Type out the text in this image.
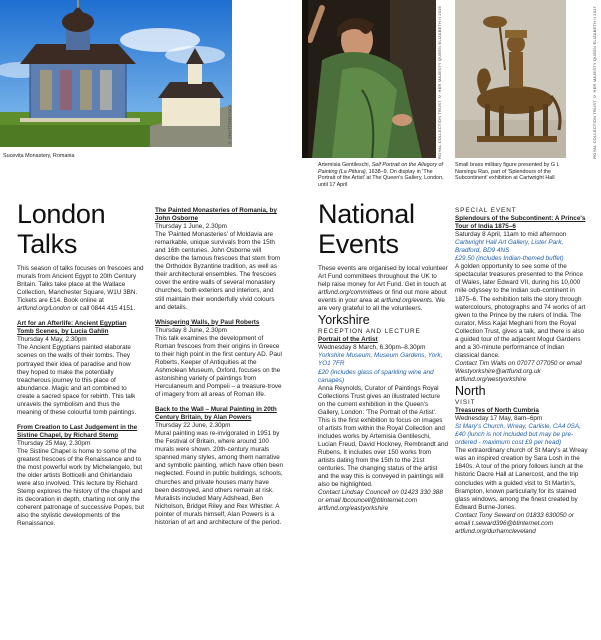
© SHUTTERSTOCK
Sucevița Monastery, Romania	ROYAL COLLECTION TRUST © HER MAJESTY QUEEN ELIZABETH II 2016
Artemisia Gentileschi, Self Portrait on the Allegory of Painting (La Pittura), 1638–9. On display in 'The Portrait of the Artist' at The Queen's Gallery, London, until 17 April
ROYAL COLLECTION TRUST © HER MAJESTY QUEEN ELIZABETH II 2017
Small brass military figure presented by G L Narsingu Rao, part of 'Splendours of the Subcontinent' exhibition at Cartwright Hall
London Talks
This season of talks focuses on frescoes and murals from Ancient Egypt to 20th Century Britain. Talks take place at the Wallace Collection, Manchester Square, W1U 3BN. Tickets are £14. Book online at artfund.org/London or call 0844 415 4151.

Art for an Afterlife: Ancient Egyptian Tomb Scenes, by Lucia Gahlin

Thursday 4 May, 2.30pm

The Ancient Egyptians painted elaborate scenes on the walls of their tombs. They portrayed their idea of paradise and how they hoped to make the potentially treacherous journey to this place of abundance. Magic and art combined to create a sacred space for rebirth. This talk unravels the symbolism and thus the meaning of these colourful tomb paintings.

From Creation to Last Judgement in the Sistine Chapel, by Richard Stemp

Thursday 25 May, 2.30pm

The Sistine Chapel is home to some of the greatest frescoes of the Renaissance and to the most powerful work by Michelangelo, but the older artists Botticelli and Ghirlandaio were also involved. This lecture by Richard Stemp explores the history of the chapel and its decoration in depth, charting not only the coherent patronage of successive Popes, but also the stylistic developments of the Renaissance.

The Painted Monasteries of Romania, by John Osborne

Thursday 1 June, 2.30pm

The 'Painted Monasteries' of Moldavia are remarkable, unique survivals from the 15th and 16th centuries. John Osborne will describe the famous frescoes that stem from the Orthodox Byzantine tradition, as well as their architectural ensembles. The frescoes cover the entire walls of several monastery churches, both exteriors and interiors, and still maintain their wonderfully vivid colours and details.

Whispering Walls, by Paul Roberts

Thursday 8 June, 2.30pm

This talk examines the development of Roman frescoes from their origins in Greece to their high point in the first century AD. Paul Roberts, Keeper of Antiquities at the Ashmolean Museum, Oxford, focuses on the astonishing variety of paintings from Herculaneum and Pompeii – a treasure-trove of imagery from all areas of Roman life.

Back to the Wall – Mural Painting in 20th Century Britain, by Alan Powers

Thursday 22 June, 2.30pm

Mural painting was re-invigorated in 1951 by the Festival of Britain, where around 100 murals were shown. 20th-century murals spanned many styles, among them narrative and symbolic painting, which have often been neglected. Found in public buildings, schools, churches and private houses many have been destroyed, and others remain at risk. Muralists included Mary Adshead, Ben Nicholson, Bridget Riley and Rex Whistler. A pointer of murals himself, Alan Powers is a historian of art and architecture of the period.

National Events
These events are organised by local volunteer Art Fund committees throughout the UK to help raise money for Art Fund. Get in touch at artfund.org/committees or find out more about events in your area at artfund.org/events. We are very grateful to all the volunteers.

Yorkshire

RECEPTION AND LECTURE

Portrait of the Artist

Wednesday 8 March, 6.30pm–8.30pm

Yorkshire Museum, Museum Gardens, York, YO1 7FR

£20 (includes glass of sparkling wine and canapés)

Anna Reynolds, Curator of Paintings Royal Collections Trust gives an illustrated lecture on the current exhibition in the Queen's Gallery, London: 'The Portrait of the Artist'. This is the first exhibition to focus on images of artists from within the Royal Collection and includes works by Artemisia Gentileschi, Lucian Freud, David Hockney, Rembrandt and Rubens. It includes over 150 works from artists dating from the 15th to the 21st centuries. The changing status of the artist and the way this is conveyed in paintings will also be highlighted.

Contact Lindsay Councell on 01423 330 388 or email lbcouncell@btinternet.com

artfund.org/eastyorkshire

SPECIAL EVENT

Splendours of the Subcontinent: A Prince's Tour of India 1875–6

Saturday 8 April, 11am to mid afternoon

Cartwright Hall Art Gallery, Lister Park, Bradford, BD9 4NS

£29.50 (includes Indian-themed buffet)

A golden opportunity to see some of the spectacular treasures presented to the Prince of Wales, later Edward VII, during his 10,000 mile odyssey to the Indian sub-continent in 1875–6. The exhibition tells the story through watercolours, photographs and 74 works of art given to the Prince by the rulers of India. The curator, Miss Kajal Meghani from the Royal Collection Trust, gives a talk, and there is also a guided tour of the adjacent Mogul Gardens and a 30-minute performance of Indian classical dance.

Contact Tim Walls on 07077 077050 or email Westyorkshire@artfund.org.uk

artfund.org/westyorkshire

North

VISIT

Treasures of North Cumbria

Wednesday 17 May, 8am–6pm

St Mary's Church, Wreay, Carlisle, CA4 0SA, £40 (lunch is not included but may be pre-ordered - maximum cost £9 per head)

The extraordinary church of St Mary's at Wreay was an inspired creation by Sara Losh in the 1840s. A tour of the priory follows lunch at the historic Dacre Hall at Lanercost, and the trip concludes with a guided visit to St Martin's, Brampton, known particularly for its stained glass windows, among the finest created by Edward Burne-Jones.

Contact Tony Seward on 01833 630050 or email t.seward396@btinternet.com

artfund.org/durhamcleveland
